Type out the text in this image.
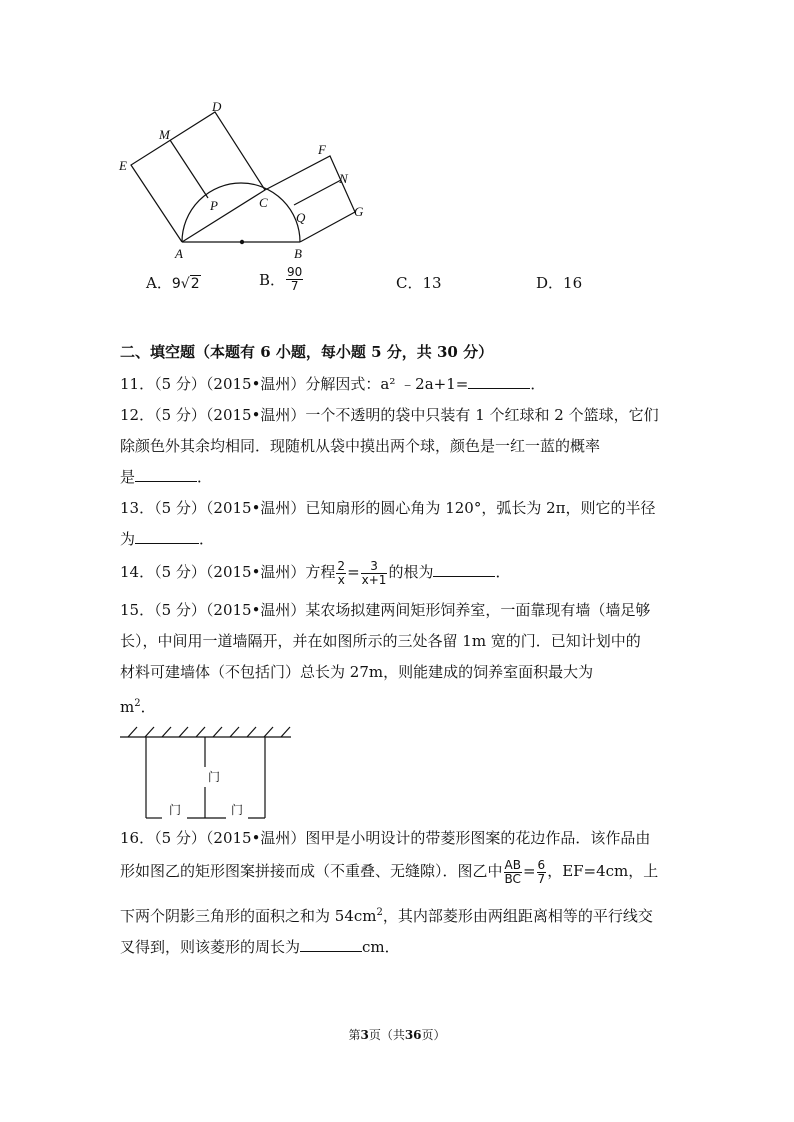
D
M
E
F
N
G
P	C
Q
A	B
A．9√2	B． $\frac{90}{7}$	C．13	D．16
二、填空题（本题有 6 小题，每小题 5 分，共 30 分）
11．（5 分）（2015•温州）分解因式：a² ﹣2a+1=	．
12．（5 分）（2015•温州）一个不透明的袋中只装有 1 个红球和 2 个篮球，它们
除颜色外其余均相同．现随机从袋中摸出两个球，颜色是一红一蓝的概率
是	．
13．（5 分）（2015•温州）已知扇形的圆心角为 120°，弧长为 2π，则它的半径
为	．
14．（5 分）（2015•温州）方程 $\frac{2}{x} = \frac{3}{x+1}$ 的根为	．
15．（5 分）（2015•温州）某农场拟建两间矩形饲养室，一面靠现有墙（墙足够
长），中间用一道墙隔开，并在如图所示的三处各留 1m 宽的门．已知计划中的
材料可建墙体（不包括门）总长为 27m，则能建成的饲养室面积最大为
$m^2$．
门
门	门
16．（5 分）（2015•温州）图甲是小明设计的带菱形图案的花边作品．该作品由
形如图乙的矩形图案拼接而成（不重叠、无缝隙）．图乙中 $\frac{AB}{BC} = \frac{6}{7}$ ，EF=4cm，上
下两个阴影三角形的面积之和为 $54cm^2$，其内部菱形由两组距离相等的平行线交
叉得到，则该菱形的周长为	cm．
第3页（共36页）
